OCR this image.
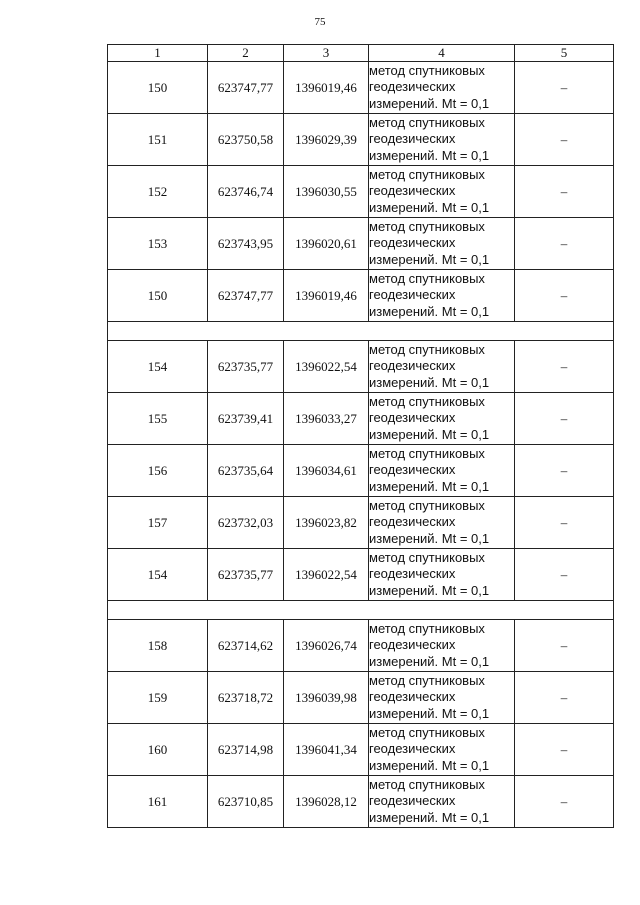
75
1	2	3	4	5
150	623747,77	1396019,46	метод спутниковых
геодезических
измерений. Mt = 0,1	–
151	623750,58	1396029,39	метод спутниковых
геодезических
измерений. Mt = 0,1	–
152	623746,74	1396030,55	метод спутниковых
геодезических
измерений. Mt = 0,1	–
153	623743,95	1396020,61	метод спутниковых
геодезических
измерений. Mt = 0,1	–
150	623747,77	1396019,46	метод спутниковых
геодезических
измерений. Mt = 0,1	–

154	623735,77	1396022,54	метод спутниковых
геодезических
измерений. Mt = 0,1	–
155	623739,41	1396033,27	метод спутниковых
геодезических
измерений. Mt = 0,1	–
156	623735,64	1396034,61	метод спутниковых
геодезических
измерений. Mt = 0,1	–
157	623732,03	1396023,82	метод спутниковых
геодезических
измерений. Mt = 0,1	–
154	623735,77	1396022,54	метод спутниковых
геодезических
измерений. Mt = 0,1	–

158	623714,62	1396026,74	метод спутниковых
геодезических
измерений. Mt = 0,1	–
159	623718,72	1396039,98	метод спутниковых
геодезических
измерений. Mt = 0,1	–
160	623714,98	1396041,34	метод спутниковых
геодезических
измерений. Mt = 0,1	–
161	623710,85	1396028,12	метод спутниковых
геодезических
измерений. Mt = 0,1	–
